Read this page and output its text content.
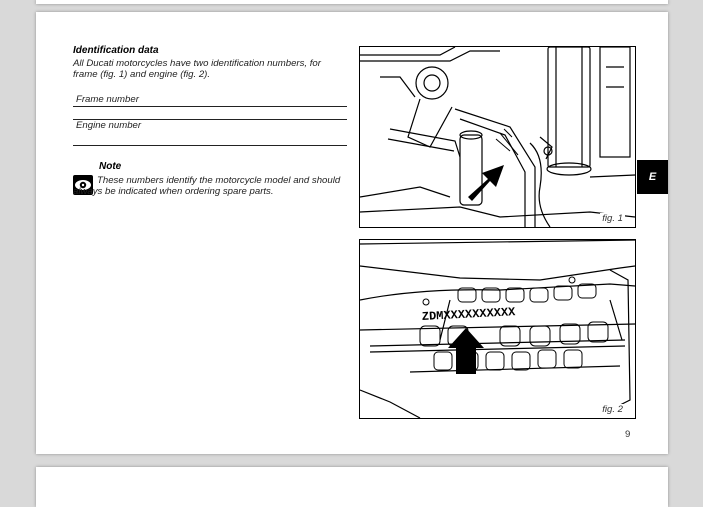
Identification data
All Ducati motorcycles have two identification numbers, for frame (fig. 1) and engine (fig. 2).
Frame number
Engine number
Note
These numbers identify the motorcycle model and should always be indicated when ordering spare parts.
fig. 1
ZDMXXXXXXXXXX
fig. 2
E
9
